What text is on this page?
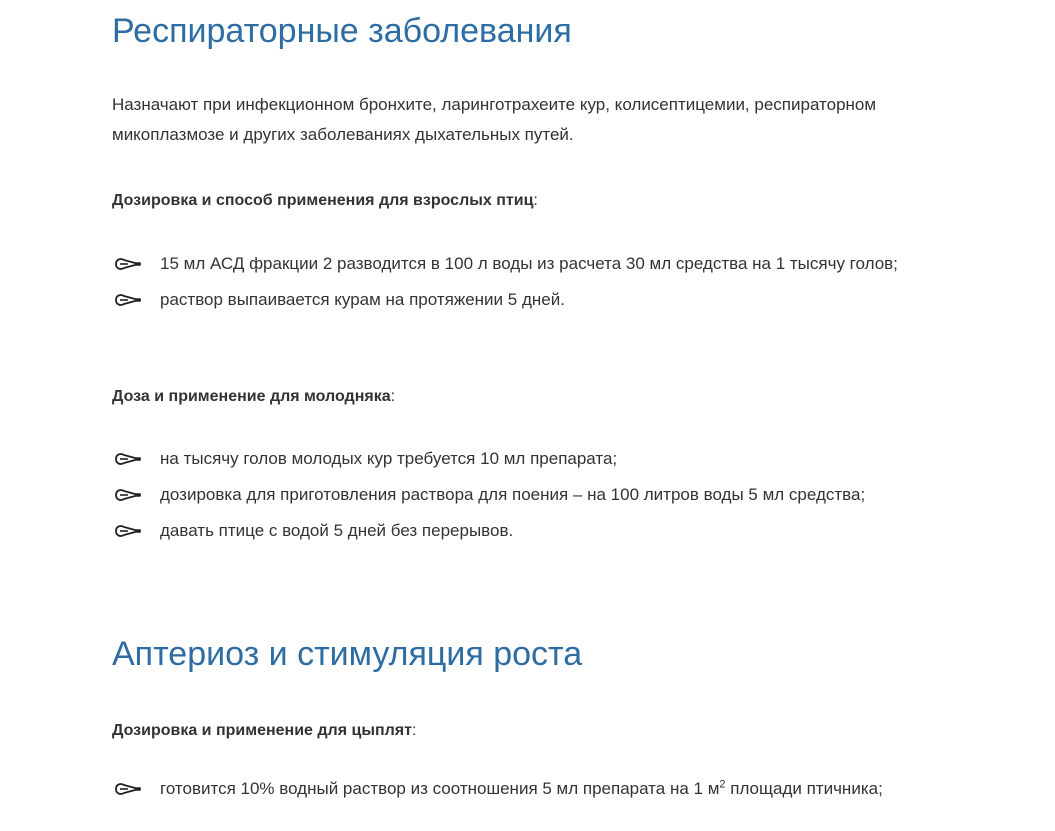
Респираторные заболевания

Назначают при инфекционном бронхите, ларинготрахеите кур, колисептицемии, респираторном микоплазмозе и других заболеваниях дыхательных путей.

Дозировка и способ применения для взрослых птиц:

15 мл АСД фракции 2 разводится в 100 л воды из расчета 30 мл средства на 1 тысячу голов;
раствор выпаивается курам на протяжении 5 дней.

Доза и применение для молодняка:

на тысячу голов молодых кур требуется 10 мл препарата;
дозировка для приготовления раствора для поения – на 100 литров воды 5 мл средства;
давать птице с водой 5 дней без перерывов.
Аптериоз и стимуляция роста

Дозировка и применение для цыплят:

готовится 10% водный раствор из соотношения 5 мл препарата на 1 $м^2$ площади птичника;
